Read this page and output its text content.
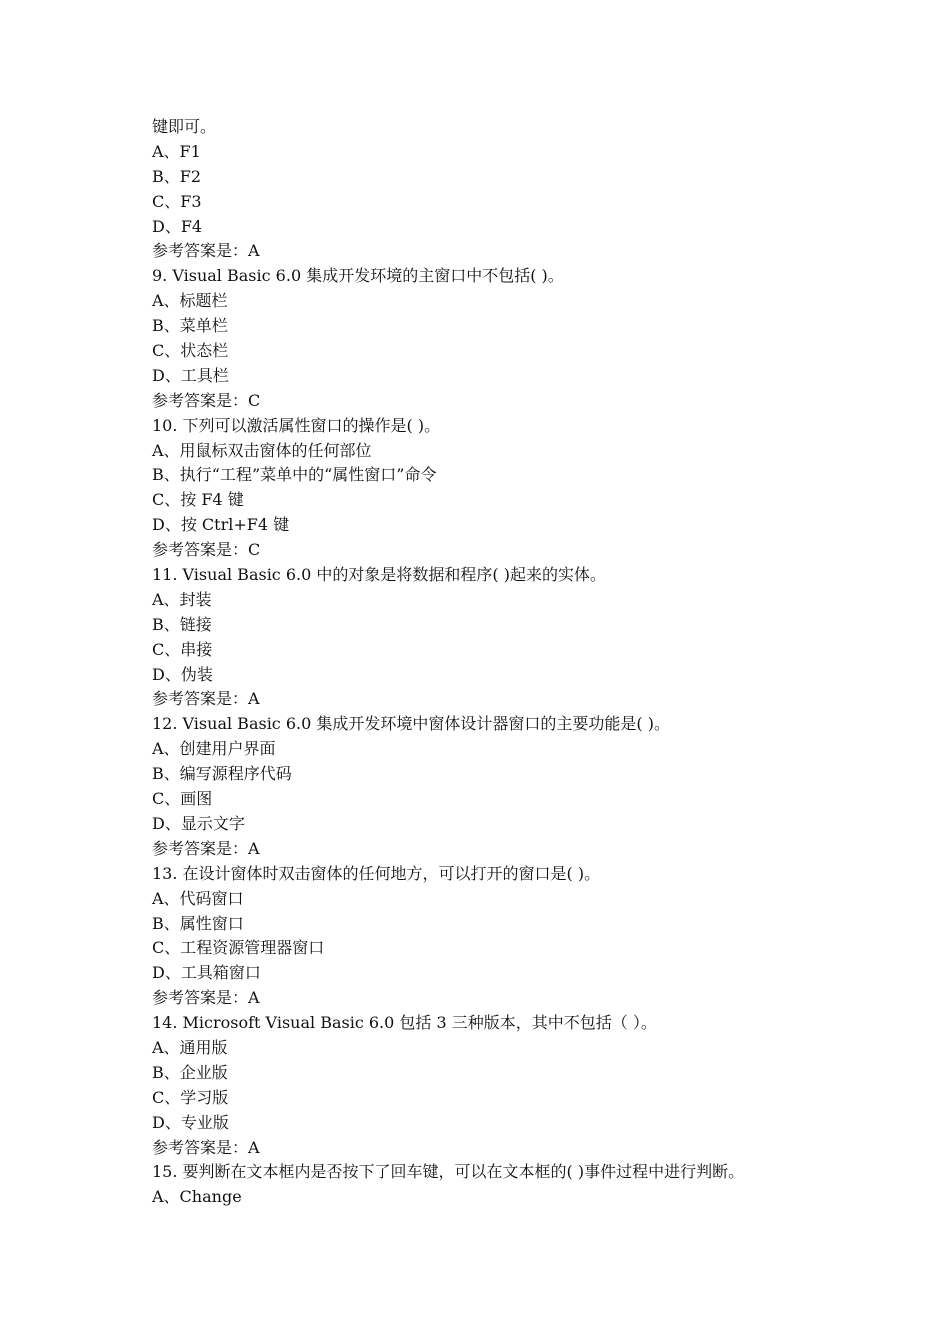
键即可。
A、F1
B、F2
C、F3
D、F4
参考答案是：A
9. Visual Basic 6.0 集成开发环境的主窗口中不包括( )。
A、标题栏
B、菜单栏
C、状态栏
D、工具栏
参考答案是：C
10. 下列可以激活属性窗口的操作是( )。
A、用鼠标双击窗体的任何部位
B、执行“工程”菜单中的“属性窗口”命令
C、按 F4 键
D、按 Ctrl+F4 键
参考答案是：C
11. Visual Basic 6.0 中的对象是将数据和程序( )起来的实体。
A、封装
B、链接
C、串接
D、伪装
参考答案是：A
12. Visual Basic 6.0 集成开发环境中窗体设计器窗口的主要功能是( )。
A、创建用户界面
B、编写源程序代码
C、画图
D、显示文字
参考答案是：A
13. 在设计窗体时双击窗体的任何地方，可以打开的窗口是( )。
A、代码窗口
B、属性窗口
C、工程资源管理器窗口
D、工具箱窗口
参考答案是：A
14. Microsoft Visual Basic 6.0 包括 3 三种版本，其中不包括（ ）。
A、通用版
B、企业版
C、学习版
D、专业版
参考答案是：A
15. 要判断在文本框内是否按下了回车键，可以在文本框的( )事件过程中进行判断。
A、Change
